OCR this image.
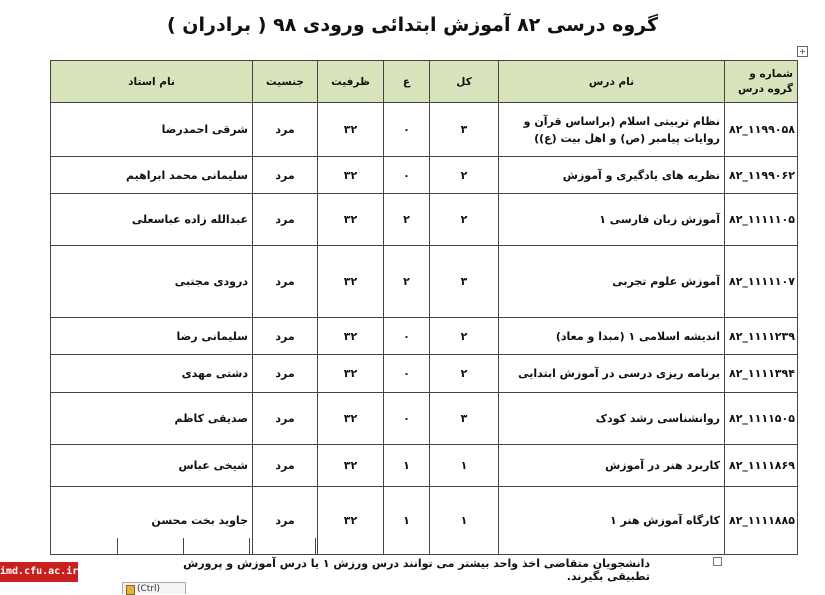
گروه درسی ۸۲ آموزش ابتدائی ورودی ۹۸ ( برادران )
+
شماره و گروه درس	نام درس	کل	ع	ظرفیت	جنسیت	نام استاد
۸۲_۱۱۹۹۰۵۸	نظام تربیتی اسلام (براساس قرآن و روایات پیامبر (ص) و اهل بیت (ع))	۳	۰	۳۲	مرد	شرقی احمدرضا
۸۲_۱۱۹۹۰۶۲	نظریه های یادگیری و آموزش	۲	۰	۳۲	مرد	سلیمانی محمد ابراهیم
۸۲_۱۱۱۱۱۰۵	آموزش زبان فارسی ۱	۲	۲	۳۲	مرد	عبدالله زاده عباسعلی
۸۲_۱۱۱۱۱۰۷	آموزش علوم تجربی	۳	۲	۳۲	مرد	درودی مجتبی
۸۲_۱۱۱۱۲۳۹	اندیشه اسلامی ۱ (مبدا و معاد)	۲	۰	۳۲	مرد	سلیمانی رضا
۸۲_۱۱۱۱۳۹۴	برنامه ریزی درسی در آموزش ابتدایی	۲	۰	۳۲	مرد	دشتی مهدی
۸۲_۱۱۱۱۵۰۵	روانشناسی رشد کودک	۳	۰	۳۲	مرد	صدیقی کاظم
۸۲_۱۱۱۱۸۶۹	کاربرد هنر در آموزش	۱	۱	۳۲	مرد	شیخی عباس
۸۲_۱۱۱۱۸۸۵	کارگاه آموزش هنر ۱	۱	۱	۳۲	مرد	جاوید بخت محسن
دانشجویان متقاضی اخذ واحد بیشتر می توانند درس ورزش ۱ یا درس آموزش و پرورش تطبیقی بگیرند.
imd.cfu.ac.ir
(Ctrl)
